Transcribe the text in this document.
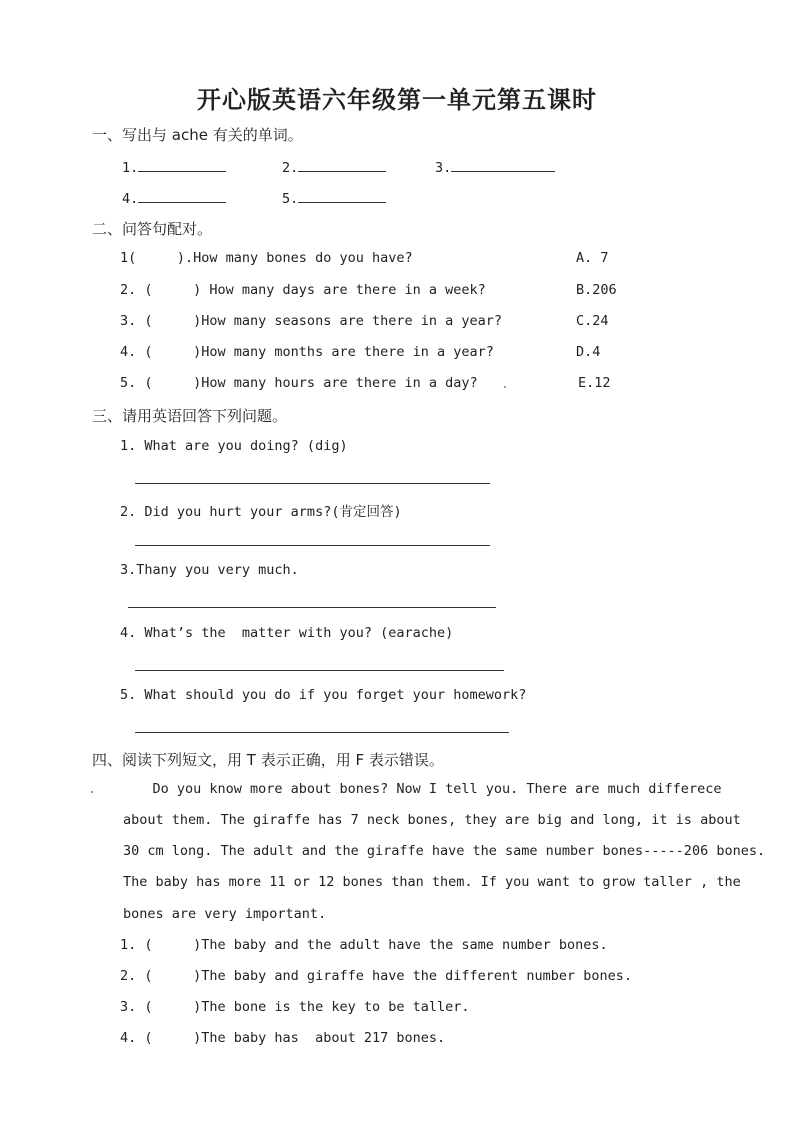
开心版英语六年级第一单元第五课时
一、写出与 ache 有关的单词。
1.	2.	3.
4.	5.
二、问答句配对。
1(     ).How many bones do you have?	A. 7
2. (     ) How many days are there in a week?	B.206
3. (     )How many seasons are there in a year?	C.24
4. (     )How many months are there in a year?	D.4
5. (     )How many hours are there in a day?	E.12
三、请用英语回答下列问题。
1. What are you doing? (dig)
2. Did you hurt your arms?(肯定回答)
3.Thany you very much.
4. What’s the  matter with you? (earache)
5. What should you do if you forget your homework?
四、阅读下列短文，用 T 表示正确，用 F 表示错误。
Do you know more about bones? Now I tell you. There are much differece
about them. The giraffe has 7 neck bones, they are big and long, it is about
30 cm long. The adult and the giraffe have the same number bones-----206 bones.
The baby has more 11 or 12 bones than them. If you want to grow taller , the
bones are very important.
1. (     )The baby and the adult have the same number bones.
2. (     )The baby and giraffe have the different number bones.
3. (     )The bone is the key to be taller.
4. (     )The baby has  about 217 bones.
